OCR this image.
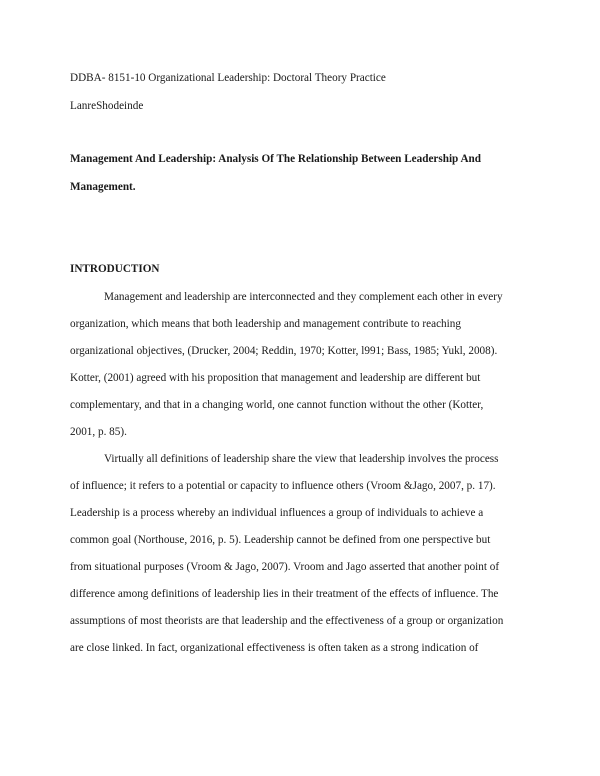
DDBA- 8151-10 Organizational Leadership: Doctoral Theory Practice
LanreShodeinde
Management And Leadership: Analysis Of The Relationship Between Leadership And
Management.
INTRODUCTION
Management and leadership are interconnected and they complement each other in every
organization, which means that both leadership and management contribute to reaching
organizational objectives, (Drucker, 2004; Reddin, 1970; Kotter, l991; Bass, 1985; Yukl, 2008).
Kotter, (2001) agreed with his proposition that management and leadership are different but
complementary, and that in a changing world, one cannot function without the other (Kotter,
2001, p. 85).
Virtually all definitions of leadership share the view that leadership involves the process
of influence; it refers to a potential or capacity to influence others (Vroom &Jago, 2007, p. 17).
Leadership is a process whereby an individual influences a group of individuals to achieve a
common goal (Northouse, 2016, p. 5). Leadership cannot be defined from one perspective but
from situational purposes (Vroom & Jago, 2007). Vroom and Jago asserted that another point of
difference among definitions of leadership lies in their treatment of the effects of influence. The
assumptions of most theorists are that leadership and the effectiveness of a group or organization
are close linked. In fact, organizational effectiveness is often taken as a strong indication of
